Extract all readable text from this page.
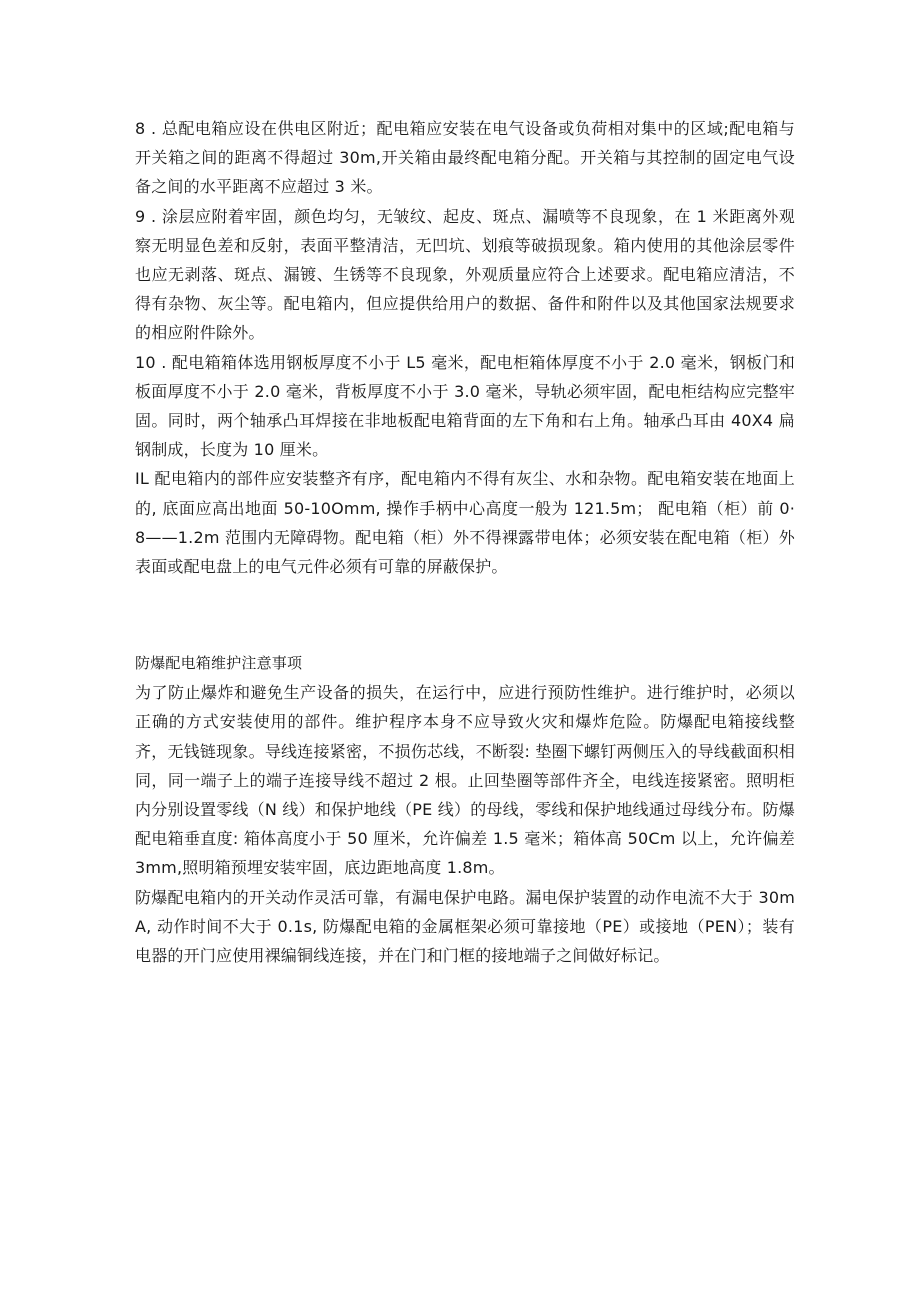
8 . 总配电箱应设在供电区附近；配电箱应安装在电气设备或负荷相对集中的区域;配电箱与开关箱之间的距离不得超过 30m,开关箱由最终配电箱分配。开关箱与其控制的固定电气设备之间的水平距离不应超过 3 米。

9 . 涂层应附着牢固，颜色均匀，无皱纹、起皮、斑点、漏喷等不良现象，在 1 米距离外观察无明显色差和反射，表面平整清洁，无凹坑、划痕等破损现象。箱内使用的其他涂层零件也应无剥落、斑点、漏镀、生锈等不良现象，外观质量应符合上述要求。配电箱应清洁，不得有杂物、灰尘等。配电箱内，但应提供给用户的数据、备件和附件以及其他国家法规要求的相应附件除外。

10 . 配电箱箱体选用钢板厚度不小于 L5 毫米，配电柜箱体厚度不小于 2.0 毫米，钢板门和板面厚度不小于 2.0 毫米，背板厚度不小于 3.0 毫米，导轨必须牢固，配电柜结构应完整牢固。同时，两个轴承凸耳焊接在非地板配电箱背面的左下角和右上角。轴承凸耳由 40X4 扁钢制成，长度为 10 厘米。

IL 配电箱内的部件应安装整齐有序，配电箱内不得有灰尘、水和杂物。配电箱安装在地面上的, 底面应高出地面 50-10Omm, 操作手柄中心高度一般为 121.5m； 配电箱（柜）前 0·8——1.2m 范围内无障碍物。配电箱（柜）外不得裸露带电体；必须安装在配电箱（柜）外表面或配电盘上的电气元件必须有可靠的屏蔽保护。

防爆配电箱维护注意事项

为了防止爆炸和避免生产设备的损失，在运行中，应进行预防性维护。进行维护时，必须以正确的方式安装使用的部件。维护程序本身不应导致火灾和爆炸危险。防爆配电箱接线整齐，无钱链现象。导线连接紧密，不损伤芯线，不断裂: 垫圈下螺钉两侧压入的导线截面积相同，同一端子上的端子连接导线不超过 2 根。止回垫圈等部件齐全，电线连接紧密。照明柜内分别设置零线（N 线）和保护地线（PE 线）的母线，零线和保护地线通过母线分布。防爆配电箱垂直度: 箱体高度小于 50 厘米，允许偏差 1.5 毫米；箱体高 50Cm 以上，允许偏差 3mm,照明箱预埋安装牢固，底边距地高度 1.8m。

防爆配电箱内的开关动作灵活可靠，有漏电保护电路。漏电保护装置的动作电流不大于 30mA, 动作时间不大于 0.1s, 防爆配电箱的金属框架必须可靠接地（PE）或接地（PEN）；装有电器的开门应使用裸编铜线连接，并在门和门框的接地端子之间做好标记。
